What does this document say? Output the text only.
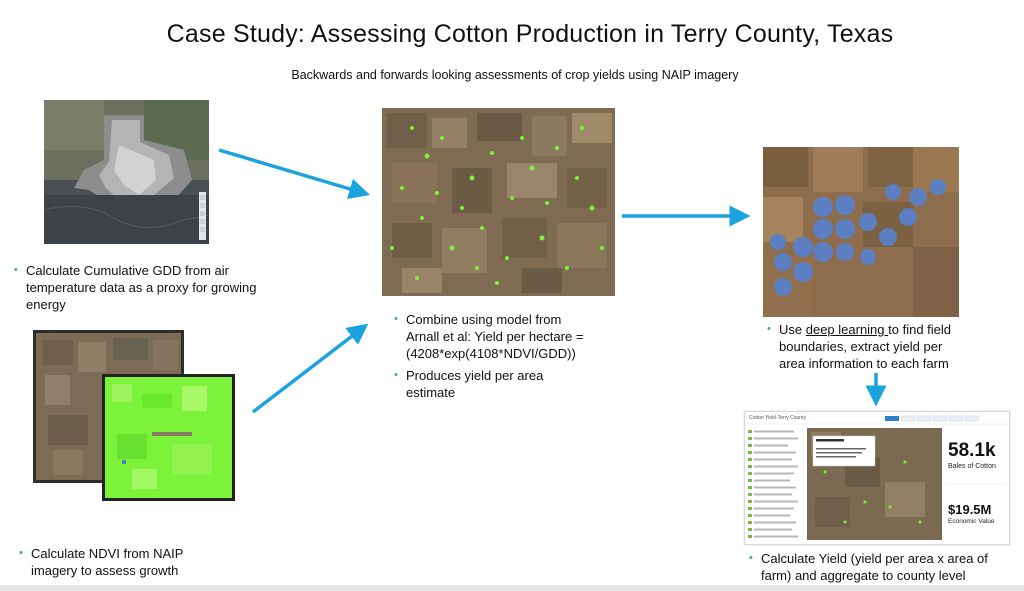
Case Study: Assessing Cotton Production in Terry County, Texas
Backwards and forwards looking assessments of crop yields using NAIP imagery
• Calculate Cumulative GDD from air temperature data as a proxy for growing energy
• Calculate NDVI from NAIP
imagery to assess growth
• Combine using model from
Arnall et al: Yield per hectare =
(4208*exp(4108*NDVI/GDD))
• Produces yield per area
estimate
• Use deep learning to find field
boundaries, extract yield per
area information to each farm
Cotton Yield-Terry County
58.1k
Bales of Cotton
$19.5M
Economic Value
• Calculate Yield (yield per area x area of
farm) and aggregate to county level
